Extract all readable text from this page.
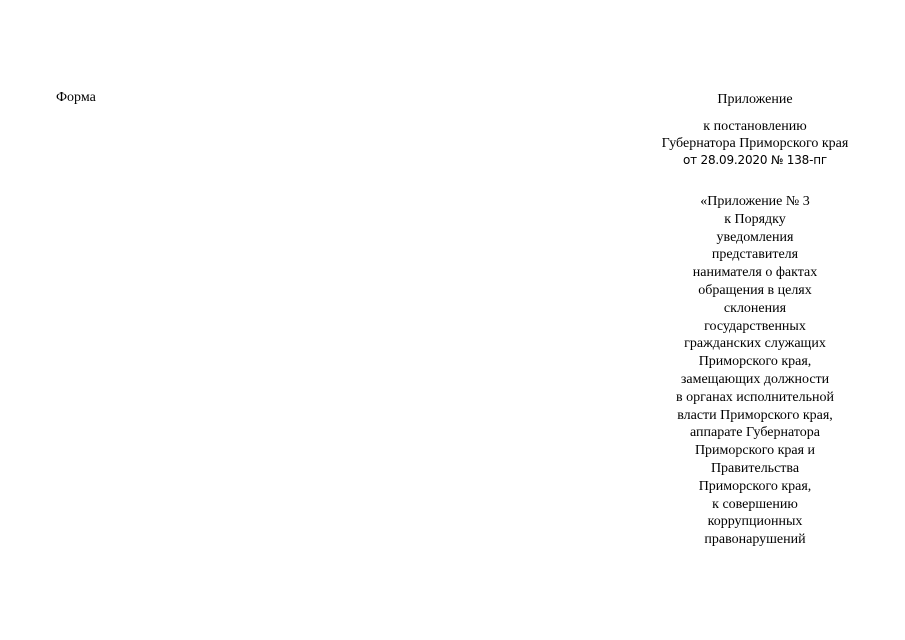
Форма	Приложение
к постановлению
Губернатора Приморского края
от 28.09.2020 № 138-пг
«Приложение № 3
к Порядку
уведомления
представителя
нанимателя о фактах
обращения в целях
склонения
государственных
гражданских служащих
Приморского края,
замещающих должности
в органах исполнительной
власти Приморского края,
аппарате Губернатора
Приморского края и
Правительства
Приморского края,
к совершению
коррупционных
правонарушений
